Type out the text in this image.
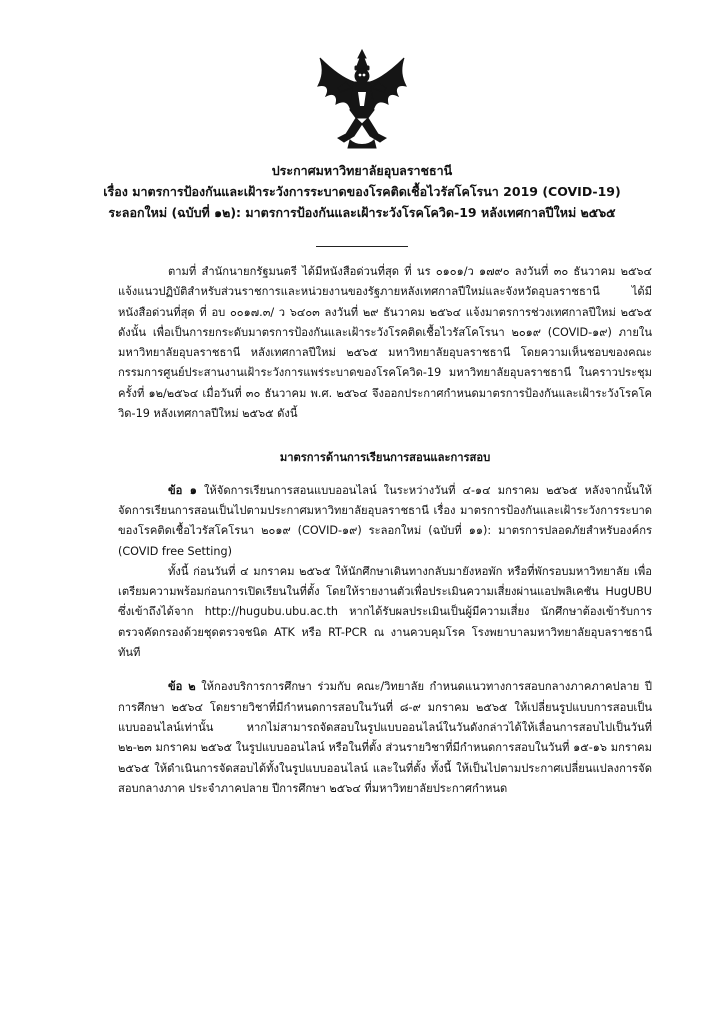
ประกาศมหาวิทยาลัยอุบลราชธานี
เรื่อง มาตรการป้องกันและเฝ้าระวังการระบาดของโรคติดเชื้อไวรัสโคโรนา 2019 (COVID-19)
ระลอกใหม่ (ฉบับที่ ๑๒): มาตรการป้องกันและเฝ้าระวังโรคโควิด-19 หลังเทศกาลปีใหม่ ๒๕๖๕

ตามที่ สำนักนายกรัฐมนตรี ได้มีหนังสือด่วนที่สุด ที่ นร ๐๑๐๑/ว ๑๗๙๐ ลงวันที่ ๓๐ ธันวาคม ๒๕๖๔ แจ้งแนวปฏิบัติสำหรับส่วนราชการและหน่วยงานของรัฐภายหลังเทศกาลปีใหม่และจังหวัดอุบลราชธานี ได้มีหนังสือด่วนที่สุด ที่ อบ ๐๐๑๗.๓/ ว ๖๔๐๓ ลงวันที่ ๒๙ ธันวาคม ๒๕๖๔ แจ้งมาตรการช่วงเทศกาลปีใหม่ ๒๕๖๕ ดังนั้น เพื่อเป็นการยกระดับมาตรการป้องกันและเฝ้าระวังโรคติดเชื้อไวรัสโคโรนา ๒๐๑๙ (COVID-๑๙) ภายในมหาวิทยาลัยอุบลราชธานี หลังเทศกาลปีใหม่ ๒๕๖๕ มหาวิทยาลัยอุบลราชธานี โดยความเห็นชอบของคณะกรรมการศูนย์ประสานงานเฝ้าระวังการแพร่ระบาดของโรคโควิด-19 มหาวิทยาลัยอุบลราชธานี ในคราวประชุมครั้งที่ ๑๒/๒๕๖๔ เมื่อวันที่ ๓๐ ธันวาคม พ.ศ. ๒๕๖๔ จึงออกประกาศกำหนดมาตรการป้องกันและเฝ้าระวังโรคโควิด-19 หลังเทศกาลปีใหม่ ๒๕๖๕ ดังนี้

มาตรการด้านการเรียนการสอนและการสอบ

ข้อ ๑ ให้จัดการเรียนการสอนแบบออนไลน์ ในระหว่างวันที่ ๔-๑๔ มกราคม ๒๕๖๕ หลังจากนั้นให้จัดการเรียนการสอนเป็นไปตามประกาศมหาวิทยาลัยอุบลราชธานี เรื่อง มาตรการป้องกันและเฝ้าระวังการระบาดของโรคติดเชื้อไวรัสโคโรนา ๒๐๑๙ (COVID-๑๙) ระลอกใหม่ (ฉบับที่ ๑๑): มาตรการปลอดภัยสำหรับองค์กร (COVID free Setting)

ทั้งนี้ ก่อนวันที่ ๔ มกราคม ๒๕๖๕ ให้นักศึกษาเดินทางกลับมายังหอพัก หรือที่พักรอบมหาวิทยาลัย เพื่อเตรียมความพร้อมก่อนการเปิดเรียนในที่ตั้ง โดยให้รายงานตัวเพื่อประเมินความเสี่ยงผ่านแอปพลิเคชัน HugUBU ซึ่งเข้าถึงได้จาก http://hugubu.ubu.ac.th หากได้รับผลประเมินเป็นผู้มีความเสี่ยง นักศึกษาต้องเข้ารับการตรวจคัดกรองด้วยชุดตรวจชนิด ATK หรือ RT-PCR ณ งานควบคุมโรค โรงพยาบาลมหาวิทยาลัยอุบลราชธานีทันที

ข้อ ๒ ให้กองบริการการศึกษา ร่วมกับ คณะ/วิทยาลัย กำหนดแนวทางการสอบกลางภาคภาคปลาย ปีการศึกษา ๒๕๖๔ โดยรายวิชาที่มีกำหนดการสอบในวันที่ ๘-๙ มกราคม ๒๕๖๕ ให้เปลี่ยนรูปแบบการสอบเป็นแบบออนไลน์เท่านั้น หากไม่สามารถจัดสอบในรูปแบบออนไลน์ในวันดังกล่าวได้ให้เลื่อนการสอบไปเป็นวันที่ ๒๒-๒๓ มกราคม ๒๕๖๕ ในรูปแบบออนไลน์ หรือในที่ตั้ง ส่วนรายวิชาที่มีกำหนดการสอบในวันที่ ๑๕-๑๖ มกราคม ๒๕๖๕ ให้ดำเนินการจัดสอบได้ทั้งในรูปแบบออนไลน์ และในที่ตั้ง ทั้งนี้ ให้เป็นไปตามประกาศเปลี่ยนแปลงการจัดสอบกลางภาค ประจำภาคปลาย ปีการศึกษา ๒๕๖๔ ที่มหาวิทยาลัยประกาศกำหนด
